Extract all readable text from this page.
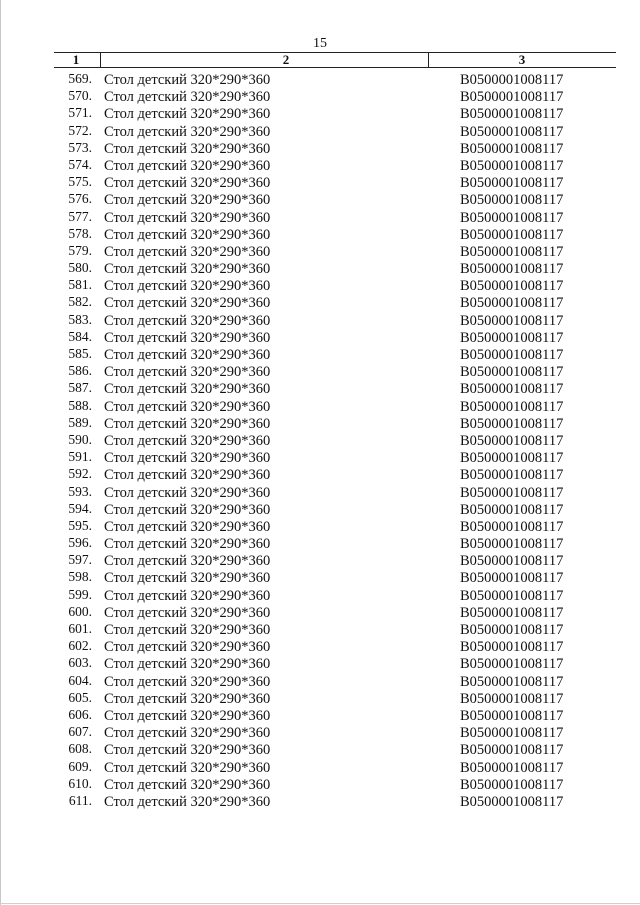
15
1	2	3
569. Стол детский 320*290*360	В0500001008117
570. Стол детский 320*290*360	В0500001008117
571. Стол детский 320*290*360	В0500001008117
572. Стол детский 320*290*360	В0500001008117
573. Стол детский 320*290*360	В0500001008117
574. Стол детский 320*290*360	В0500001008117
575. Стол детский 320*290*360	В0500001008117
576. Стол детский 320*290*360	В0500001008117
577. Стол детский 320*290*360	В0500001008117
578. Стол детский 320*290*360	В0500001008117
579. Стол детский 320*290*360	В0500001008117
580. Стол детский 320*290*360	В0500001008117
581. Стол детский 320*290*360	В0500001008117
582. Стол детский 320*290*360	В0500001008117
583. Стол детский 320*290*360	В0500001008117
584. Стол детский 320*290*360	В0500001008117
585. Стол детский 320*290*360	В0500001008117
586. Стол детский 320*290*360	В0500001008117
587. Стол детский 320*290*360	В0500001008117
588. Стол детский 320*290*360	В0500001008117
589. Стол детский 320*290*360	В0500001008117
590. Стол детский 320*290*360	В0500001008117
591. Стол детский 320*290*360	В0500001008117
592. Стол детский 320*290*360	В0500001008117
593. Стол детский 320*290*360	В0500001008117
594. Стол детский 320*290*360	В0500001008117
595. Стол детский 320*290*360	В0500001008117
596. Стол детский 320*290*360	В0500001008117
597. Стол детский 320*290*360	В0500001008117
598. Стол детский 320*290*360	В0500001008117
599. Стол детский 320*290*360	В0500001008117
600. Стол детский 320*290*360	В0500001008117
601. Стол детский 320*290*360	В0500001008117
602. Стол детский 320*290*360	В0500001008117
603. Стол детский 320*290*360	В0500001008117
604. Стол детский 320*290*360	В0500001008117
605. Стол детский 320*290*360	В0500001008117
606. Стол детский 320*290*360	В0500001008117
607. Стол детский 320*290*360	В0500001008117
608. Стол детский 320*290*360	В0500001008117
609. Стол детский 320*290*360	В0500001008117
610. Стол детский 320*290*360	В0500001008117
611. Стол детский 320*290*360	В0500001008117
